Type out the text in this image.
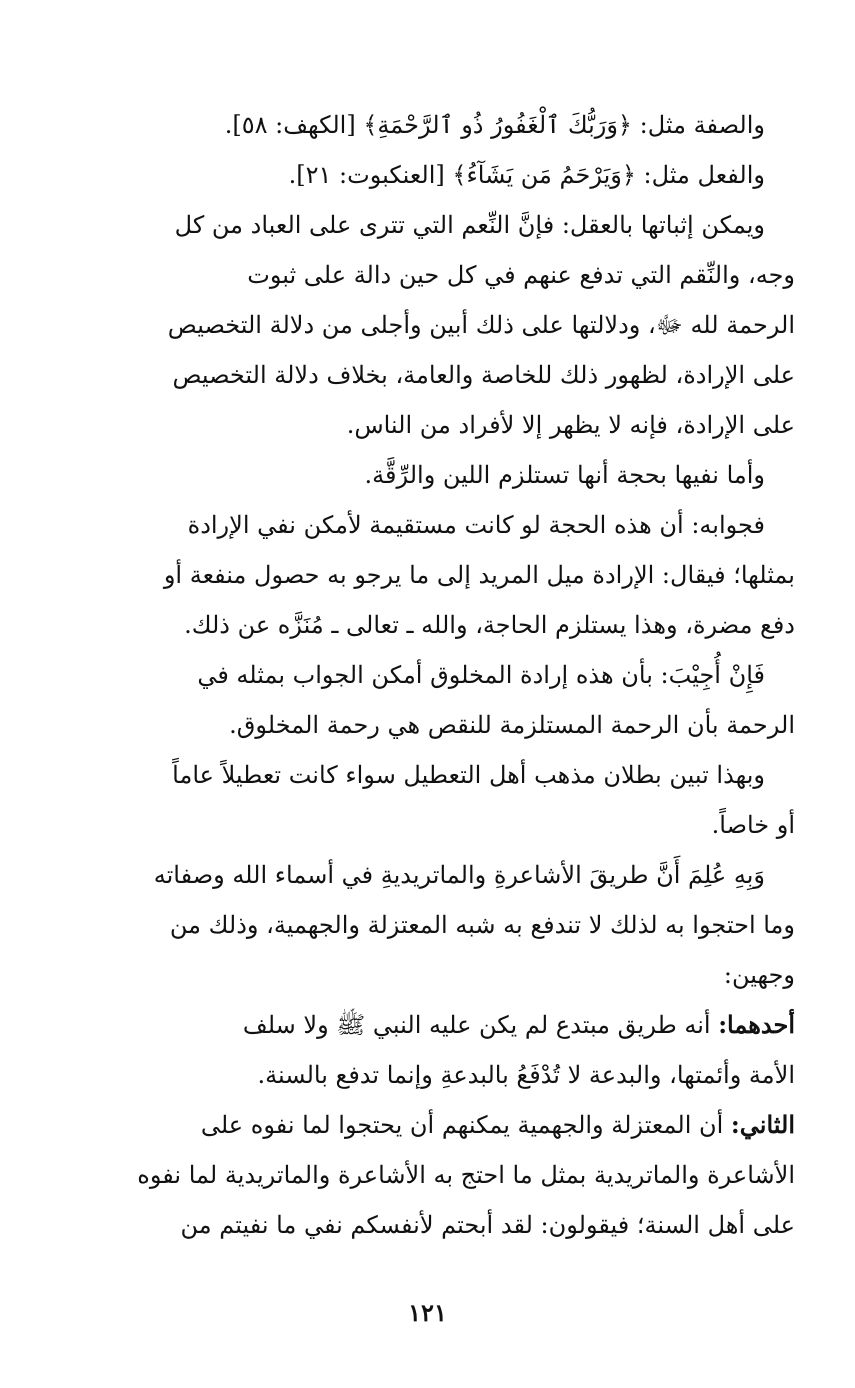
والصفة مثل: ﴿وَرَبُّكَ ٱلْغَفُورُ ذُو ٱلرَّحْمَةِ﴾ [الكهف: ٥٨].
والفعل مثل: ﴿وَيَرْحَمُ مَن يَشَآءُ﴾ [العنكبوت: ٢١].
ويمكن إثباتها بالعقل: فإنَّ النِّعم التي تترى على العباد من كل
وجه، والنِّقم التي تدفع عنهم في كل حين دالة على ثبوت
الرحمة لله ﷻ، ودلالتها على ذلك أبين وأجلى من دلالة التخصيص
على الإرادة، لظهور ذلك للخاصة والعامة، بخلاف دلالة التخصيص
على الإرادة، فإنه لا يظهر إلا لأفراد من الناس.
وأما نفيها بحجة أنها تستلزم اللين والرِّقَّة.
فجوابه: أن هذه الحجة لو كانت مستقيمة لأمكن نفي الإرادة
بمثلها؛ فيقال: الإرادة ميل المريد إلى ما يرجو به حصول منفعة أو
دفع مضرة، وهذا يستلزم الحاجة، والله ـ تعالى ـ مُنَزَّه عن ذلك.
فَإِنْ أُجِيْبَ: بأن هذه إرادة المخلوق أمكن الجواب بمثله في
الرحمة بأن الرحمة المستلزمة للنقص هي رحمة المخلوق.
وبهذا تبين بطلان مذهب أهل التعطيل سواء كانت تعطيلاً عاماً
أو خاصاً.
وَبِهِ عُلِمَ أَنَّ طريقَ الأشاعرةِ والماتريديةِ في أسماء الله وصفاته
وما احتجوا به لذلك لا تندفع به شبه المعتزلة والجهمية، وذلك من
وجهين:
أحدهما: أنه طريق مبتدع لم يكن عليه النبي ﷺ ولا سلف
الأمة وأئمتها، والبدعة لا تُدْفَعُ بالبدعةِ وإنما تدفع بالسنة.
الثاني: أن المعتزلة والجهمية يمكنهم أن يحتجوا لما نفوه على
الأشاعرة والماتريدية بمثل ما احتج به الأشاعرة والماتريدية لما نفوه
على أهل السنة؛ فيقولون: لقد أبحتم لأنفسكم نفي ما نفيتم من
١٢١
